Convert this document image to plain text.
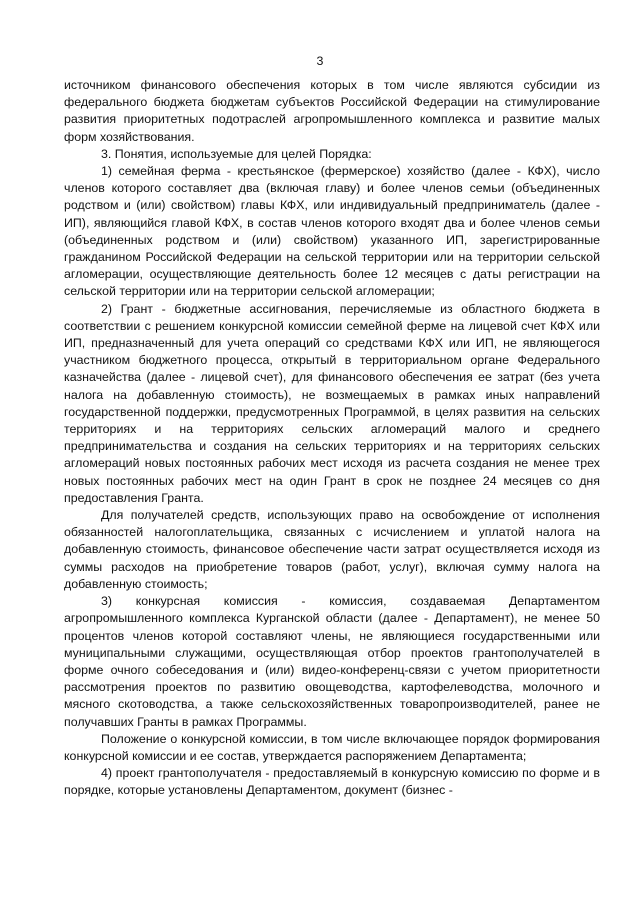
3

источником финансового обеспечения которых в том числе являются субсидии из федерального бюджета бюджетам субъектов Российской Федерации на стимулирование развития приоритетных подотраслей агропромышленного комплекса и развитие малых форм хозяйствования.

3. Понятия, используемые для целей Порядка:

1) семейная ферма - крестьянское (фермерское) хозяйство (далее - КФХ), число членов которого составляет два (включая главу) и более членов семьи (объединенных родством и (или) свойством) главы КФХ, или индивидуальный предприниматель (далее - ИП), являющийся главой КФХ, в состав членов которого входят два и более членов семьи (объединенных родством и (или) свойством) указанного ИП, зарегистрированные гражданином Российской Федерации на сельской территории или на территории сельской агломерации, осуществляющие деятельность более 12 месяцев с даты регистрации на сельской территории или на территории сельской агломерации;

2) Грант - бюджетные ассигнования, перечисляемые из областного бюджета в соответствии с решением конкурсной комиссии семейной ферме на лицевой счет КФХ или ИП, предназначенный для учета операций со средствами КФХ или ИП, не являющегося участником бюджетного процесса, открытый в территориальном органе Федерального казначейства (далее - лицевой счет), для финансового обеспечения ее затрат (без учета налога на добавленную стоимость), не возмещаемых в рамках иных направлений государственной поддержки, предусмотренных Программой, в целях развития на сельских территориях и на территориях сельских агломераций малого и среднего предпринимательства и создания на сельских территориях и на территориях сельских агломераций новых постоянных рабочих мест исходя из расчета создания не менее трех новых постоянных рабочих мест на один Грант в срок не позднее 24 месяцев со дня предоставления Гранта.

Для получателей средств, использующих право на освобождение от исполнения обязанностей налогоплательщика, связанных с исчислением и уплатой налога на добавленную стоимость, финансовое обеспечение части затрат осуществляется исходя из суммы расходов на приобретение товаров (работ, услуг), включая сумму налога на добавленную стоимость;

3) конкурсная комиссия - комиссия, создаваемая Департаментом агропромышленного комплекса Курганской области (далее - Департамент), не менее 50 процентов членов которой составляют члены, не являющиеся государственными или муниципальными служащими, осуществляющая отбор проектов грантополучателей в форме очного собеседования и (или) видео-конференц-связи с учетом приоритетности рассмотрения проектов по развитию овощеводства, картофелеводства, молочного и мясного скотоводства, а также сельскохозяйственных товаропроизводителей, ранее не получавших Гранты в рамках Программы.

Положение о конкурсной комиссии, в том числе включающее порядок формирования конкурсной комиссии и ее состав, утверждается распоряжением Департамента;

4) проект грантополучателя - предоставляемый в конкурсную комиссию по форме и в порядке, которые установлены Департаментом, документ (бизнес -
